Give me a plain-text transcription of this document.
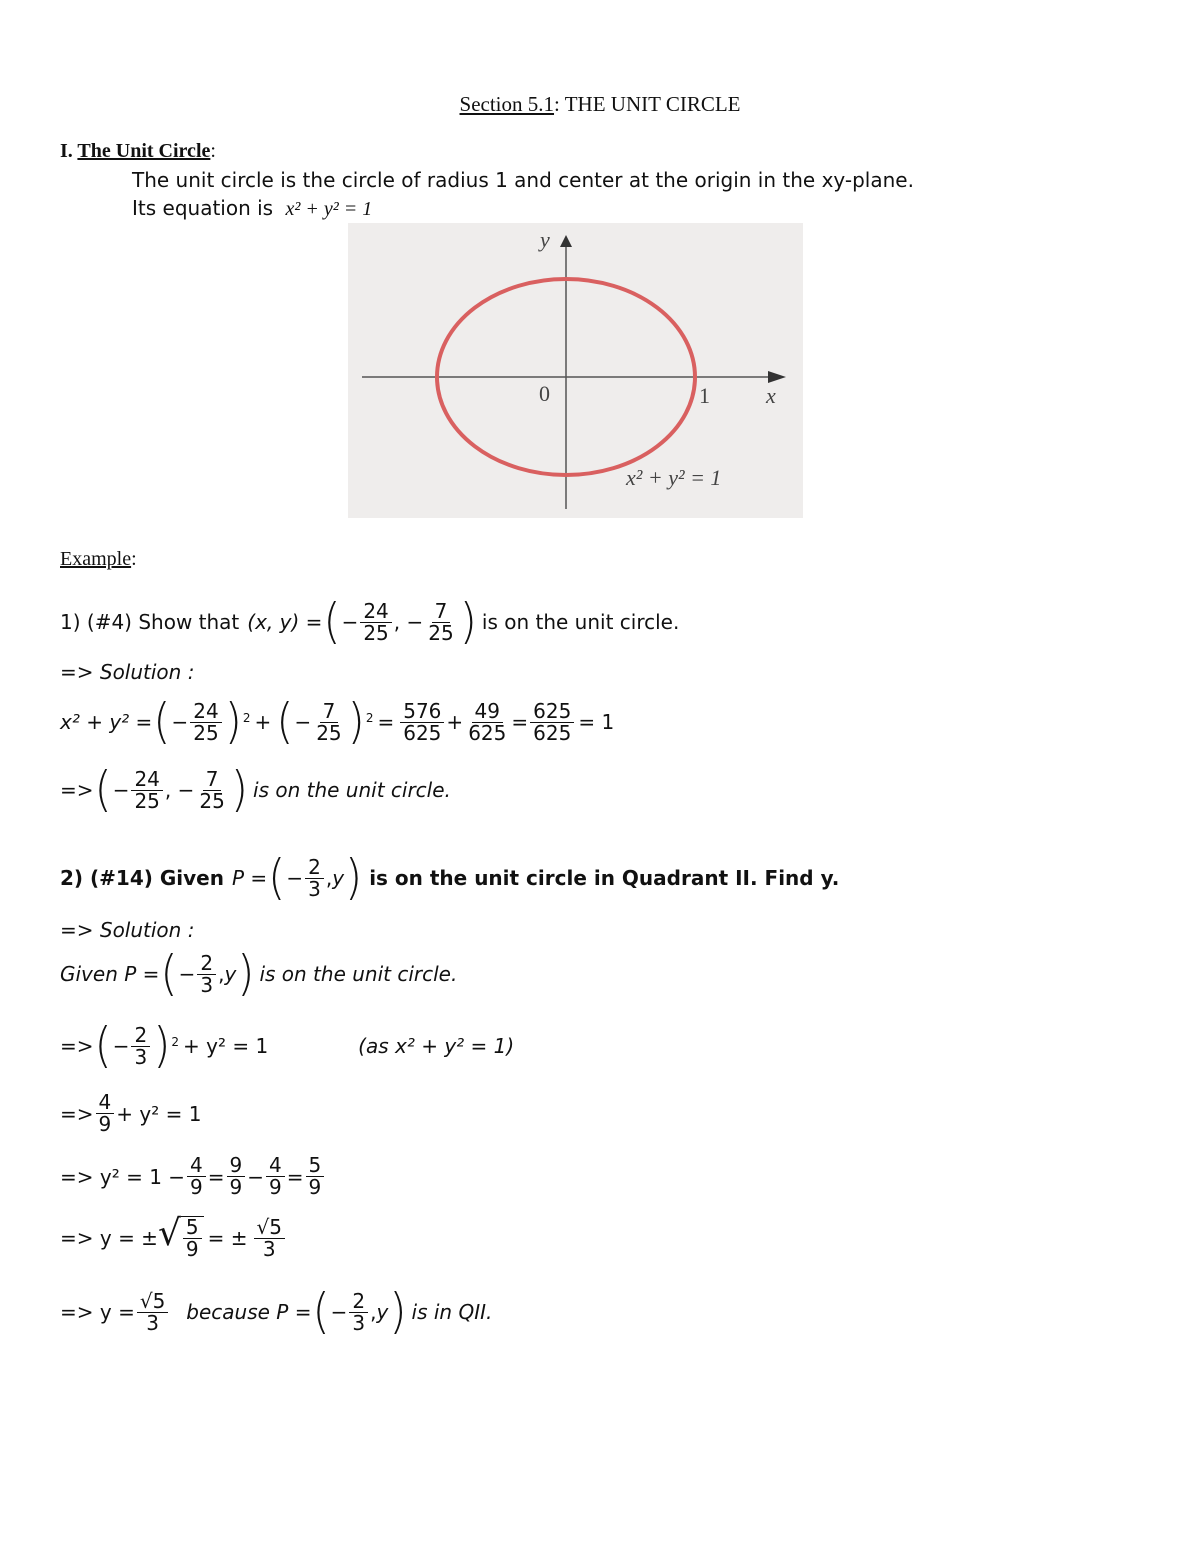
Section 5.1: THE UNIT CIRCLE
I. The Unit Circle:
The unit circle is the circle of radius 1 and center at the origin in the xy-plane.
Its equation is x² + y² = 1
y
x
0	1
x² + y² = 1
Example:
1) (#4) Show that (x, y) = ( − $\frac{24}{25}$ , − $\frac{7}{25}$ ) is on the unit circle.
=> Solution :
x² + y² = ( − $\frac{24}{25}$ ) 2 + ( − $\frac{7}{25}$ ) $2 = \frac{576}{625} + \frac{49}{625} = \frac{625}{625} = 1$
=> ( − $\frac{24}{25}$ , − $\frac{7}{25}$ ) is on the unit circle.
2) (#14) Given P = ( − $\frac{2}{3}$ , y ) is on the unit circle in Quadrant II. Find y.
=> Solution :
Given P = ( − $\frac{2}{3}$ , y ) is on the unit circle.
=> ( − $\frac{2}{3}$ ) 2 + y² = 1	(as x² + y² = 1)
=> $\frac{4}{9} + y^2 = 1$
=> $y^2 = 1 - \frac{4}{9} = \frac{9}{9} - \frac{4}{9} = \frac{5}{9}$
=> y = ± √ $\frac{5}{9}$ = ± $\frac{√5}{3}$
=> $y = \frac{√5}{3}$ because P = ( − $\frac{2}{3}$ , y ) is in QII.
